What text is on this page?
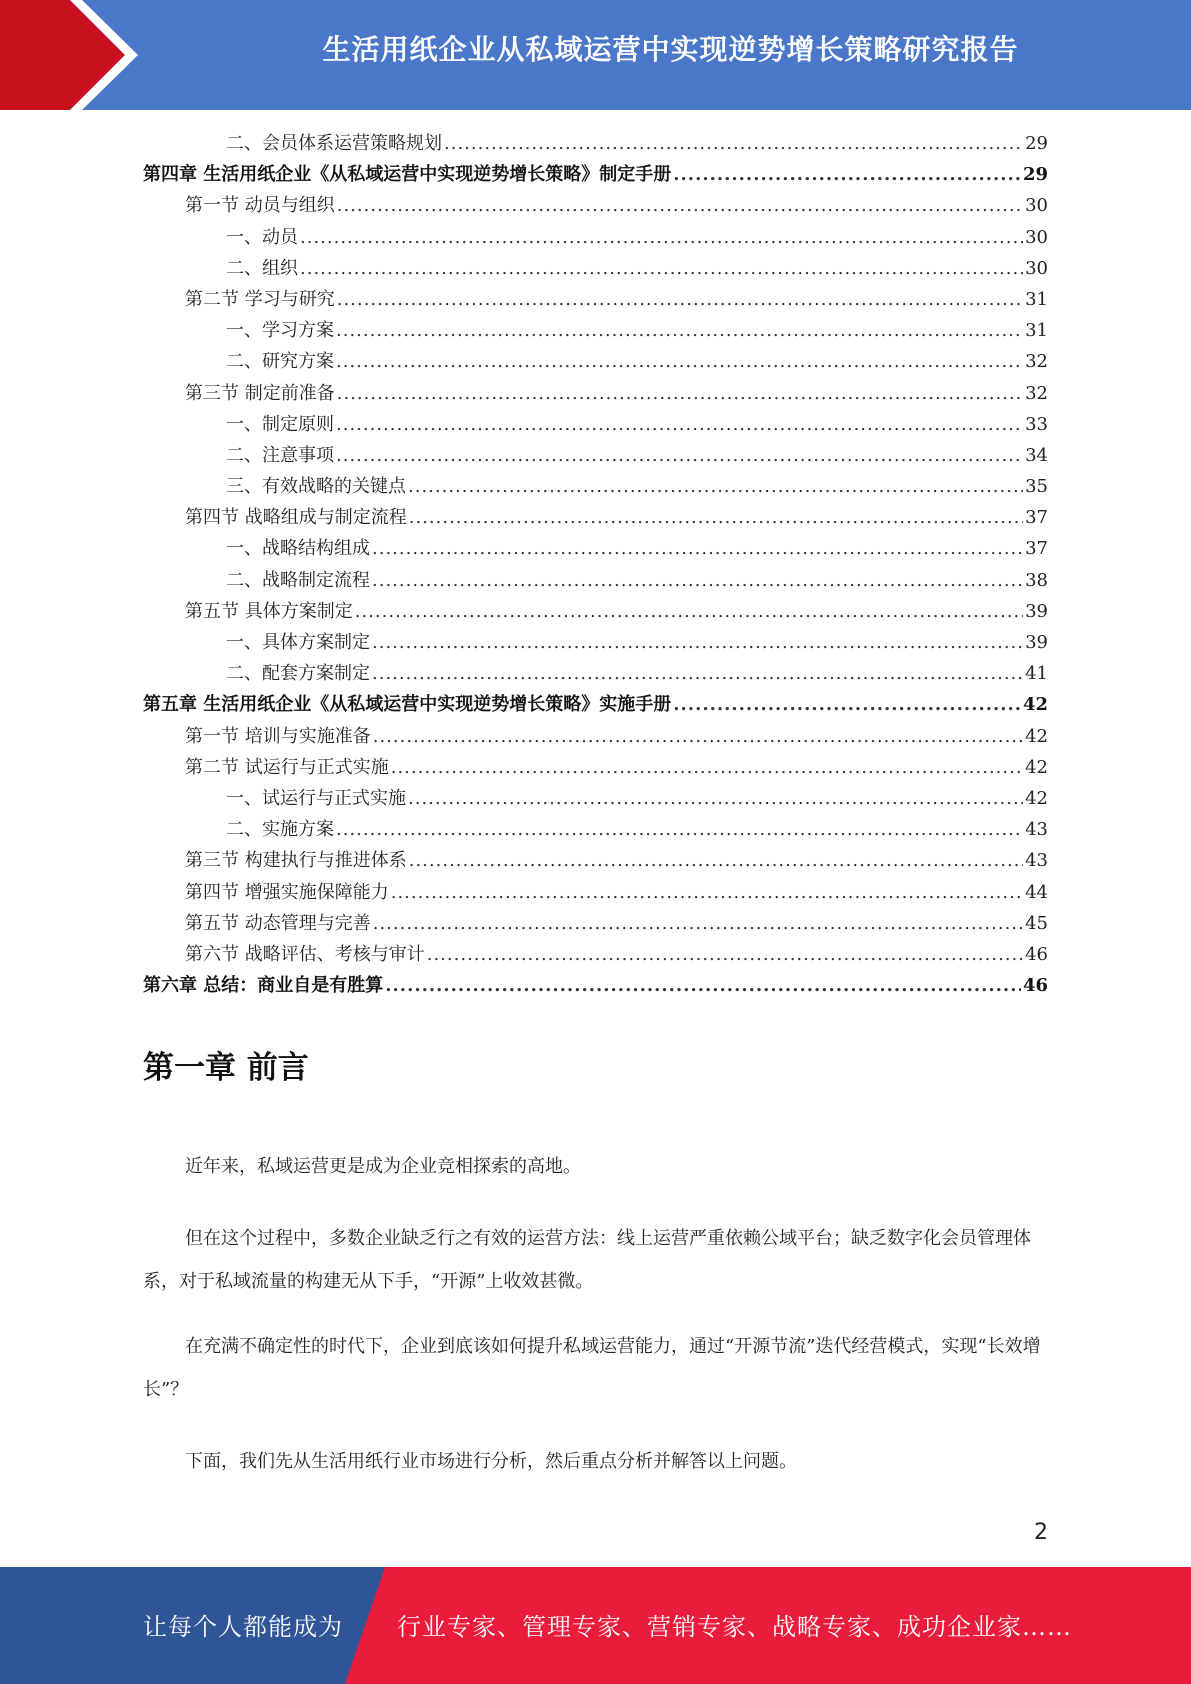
生活用纸企业从私域运营中实现逆势增长策略研究报告
二、会员体系运营策略规划 .....	29
第四章 生活用纸企业《从私域运营中实现逆势增长策略》制定手册 .....	29
第一节 动员与组织 .....	30
一、动员 .....	30
二、组织 .....	30
第二节 学习与研究 .....	31
一、学习方案 .....	31
二、研究方案 .....	32
第三节 制定前准备 .....	32
一、制定原则 .....	33
二、注意事项 .....	34
三、有效战略的关键点 .....	35
第四节 战略组成与制定流程 .....	37
一、战略结构组成 .....	37
二、战略制定流程 .....	38
第五节 具体方案制定 .....	39
一、具体方案制定 .....	39
二、配套方案制定 .....	41
第五章 生活用纸企业《从私域运营中实现逆势增长策略》实施手册 .....	42
第一节 培训与实施准备 .....	42
第二节 试运行与正式实施 .....	42
一、试运行与正式实施 .....	42
二、实施方案 .....	43
第三节 构建执行与推进体系 .....	43
第四节 增强实施保障能力 .....	44
第五节 动态管理与完善 .....	45
第六节 战略评估、考核与审计 .....	46
第六章 总结：商业自是有胜算 .....	46
第一章 前言

近年来，私域运营更是成为企业竞相探索的高地。

但在这个过程中，多数企业缺乏行之有效的运营方法：线上运营严重依赖公域平台；缺乏数字化会员管理体系，对于私域流量的构建无从下手，“开源”上收效甚微。

在充满不确定性的时代下，企业到底该如何提升私域运营能力，通过“开源节流”迭代经营模式，实现“长效增长”？

下面，我们先从生活用纸行业市场进行分析，然后重点分析并解答以上问题。

2
让每个人都能成为 行业专家、管理专家、营销专家、战略专家、成功企业家……
